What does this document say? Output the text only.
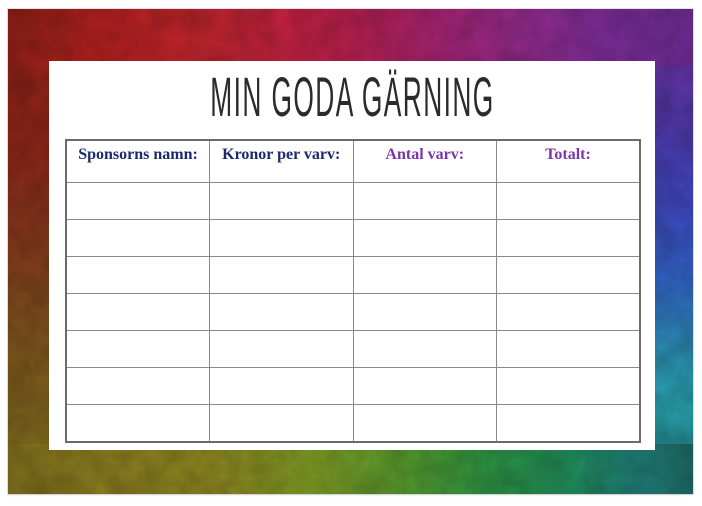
MIN GODA GÄRNING
Sponsorns namn:	Kronor per varv:	Antal varv:	Totalt:
